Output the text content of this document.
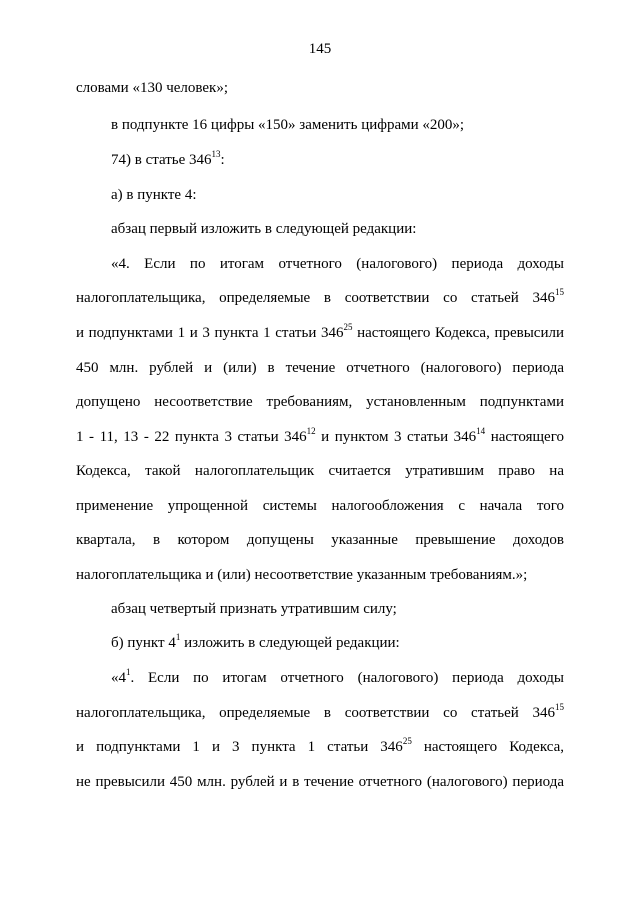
145
словами «130 человек»;
в подпункте 16 цифры «150» заменить цифрами «200»;
74) в статье $346^{13}$:
а) в пункте 4:
абзац первый изложить в следующей редакции:
«4. Если по итогам отчетного (налогового) периода доходы
налогоплательщика, определяемые в соответствии со статьей $346^{15}$
и подпунктами 1 и 3 пункта 1 статьи $346^{25}$ настоящего Кодекса, превысили
450 млн. рублей и (или) в течение отчетного (налогового) периода
допущено несоответствие требованиям, установленным подпунктами
1 - 11, 13 - 22 пункта 3 статьи $346^{12}$ и пунктом 3 статьи $346^{14}$ настоящего
Кодекса, такой налогоплательщик считается утратившим право на
применение упрощенной системы налогообложения с начала того
квартала, в котором допущены указанные превышение доходов
налогоплательщика и (или) несоответствие указанным требованиям.»;
абзац четвертый признать утратившим силу;
б) пункт $4^1$ изложить в следующей редакции:
«$4^1$. Если по итогам отчетного (налогового) периода доходы
налогоплательщика, определяемые в соответствии со статьей $346^{15}$
и подпунктами 1 и 3 пункта 1 статьи $346^{25}$ настоящего Кодекса,
не превысили 450 млн. рублей и в течение отчетного (налогового) периода
